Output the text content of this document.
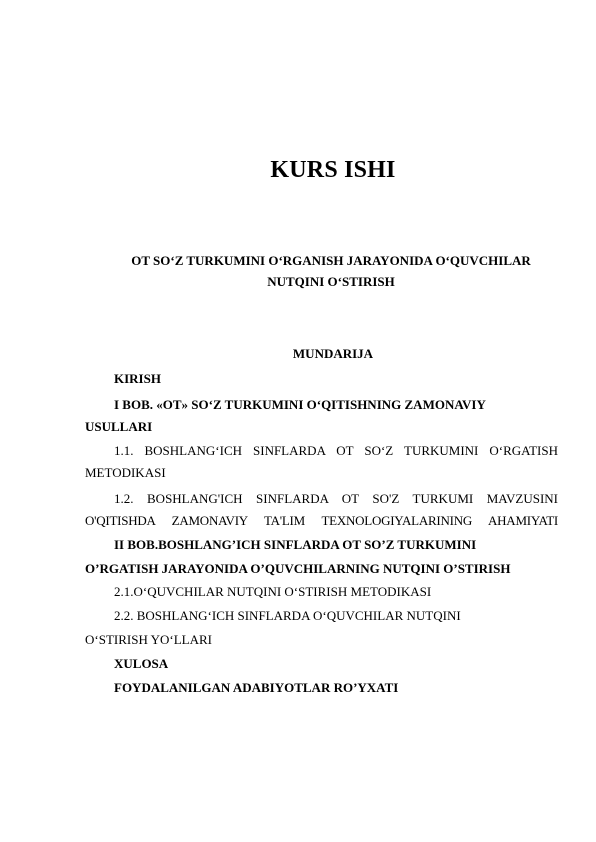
KURS ISHI
OT SO‘Z TURKUMINI O‘RGANISH JARAYONIDA O‘QUVCHILAR
NUTQINI O‘STIRISH
MUNDARIJA
KIRISH
I BOB. «OT» SO‘Z TURKUMINI O‘QITISHNING ZAMONAVIY
USULLARI
1.1. BOSHLANG‘ICH SINFLARDA OT SO‘Z TURKUMINI O‘RGATISH
METODIKASI
1.2. BOSHLANG'ICH SINFLARDA OT SO'Z TURKUMI MAVZUSINI
O'QITISHDA ZAMONAVIY TA'LIM TEXNOLOGIYALARINING AHAMIYATI
II BOB.BOSHLANG’ICH SINFLARDA OT SO’Z TURKUMINI
O’RGATISH JARAYONIDA O’QUVCHILARNING NUTQINI O’STIRISH
2.1.O‘QUVCHILAR NUTQINI O‘STIRISH METODIKASI
2.2. BOSHLANG‘ICH SINFLARDA O‘QUVCHILAR NUTQINI
O‘STIRISH YO‘LLARI
XULOSA
FOYDALANILGAN ADABIYOTLAR RO’YXATI
